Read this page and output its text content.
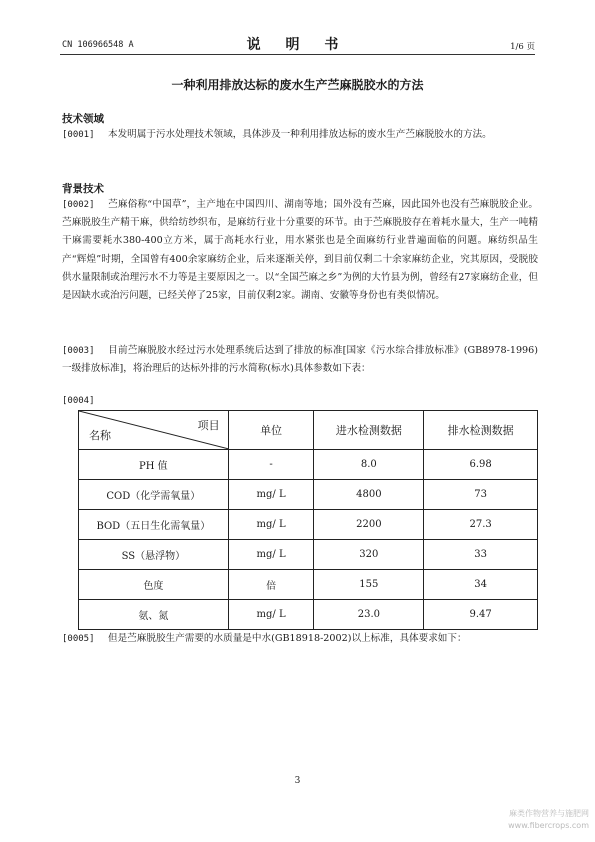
CN 106966548 A	说 明 书	1/6 页
一种利用排放达标的废水生产苎麻脱胶水的方法
技术领域
[0001] 本发明属于污水处理技术领域，具体涉及一种利用排放达标的废水生产苎麻脱胶水的方法。
背景技术
[0002] 苎麻俗称“中国草”，主产地在中国四川、湖南等地；国外没有苎麻，因此国外也没有苎麻脱胶企业。苎麻脱胶生产精干麻，供给纺纱织布，是麻纺行业十分重要的环节。由于苎麻脱胶存在着耗水量大，生产一吨精干麻需要耗水380-400立方米，属于高耗水行业，用水紧张也是全面麻纺行业普遍面临的问题。麻纺织品生产“辉煌”时期，全国曾有400余家麻纺企业，后来逐渐关停，到目前仅剩二十余家麻纺企业，究其原因，受脱胶供水量限制或治理污水不力等是主要原因之一。以“全国苎麻之乡”为例的大竹县为例，曾经有27家麻纺企业，但是因缺水或治污问题，已经关停了25家，目前仅剩2家。湖南、安徽等身份也有类似情况。
[0003] 目前苎麻脱胶水经过污水处理系统后达到了排放的标准[国家《污水综合排放标准》(GB8978-1996)一级排放标准]，将治理后的达标外排的污水简称(标水)具体参数如下表：
[0004]
名称
项目	单位	进水检测数据	排水检测数据
PH 值	-	8.0	6.98
COD（化学需氧量）	mg/ L	4800	73
BOD（五日生化需氧量）	mg/ L	2200	27.3
SS（悬浮物）	mg/ L	320	33
色度	倍	155	34
氨、氮	mg/ L	23.0	9.47
[0005] 但是苎麻脱胶生产需要的水质量是中水(GB18918-2002)以上标准，具体要求如下：
3
麻类作物营养与施肥网
www.fibercrops.com
